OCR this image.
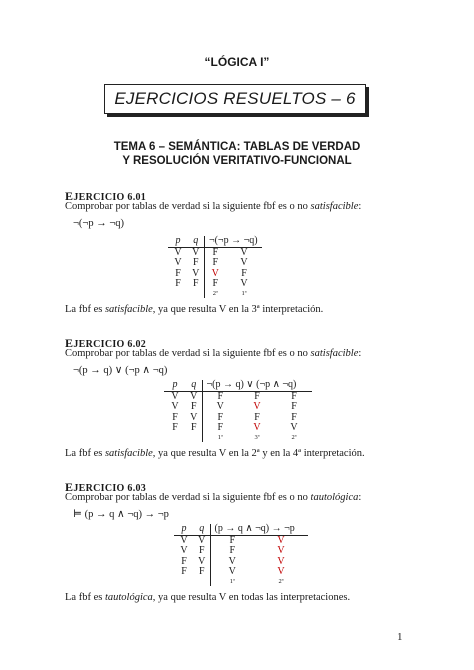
“LÓGICA I”
EJERCICIOS RESUELTOS – 6
TEMA 6 – SEMÁNTICA: TABLAS DE VERDAD
Y RESOLUCIÓN VERITATIVO-FUNCIONAL
EJERCICIO 6.01
Comprobar por tablas de verdad si la siguiente fbf es o no satisfacible:
¬(¬p → ¬q)
p	q	¬(¬p → ¬q)	
V	V	F	V
V	F	F	V
F	V	V	F
F	F	F	V
		2ª	1ª
La fbf es satisfacible, ya que resulta V en la 3ª interpretación.
EJERCICIO 6.02
Comprobar por tablas de verdad si la siguiente fbf es o no satisfacible:
¬(p → q) ∨ (¬p ∧ ¬q)
p	q	¬(p → q) ∨ (¬p ∧ ¬q)		
V	V	F	F	F
V	F	V	V	F
F	V	F	F	F
F	F	F	V	V
		1ª	3ª	2ª
La fbf es satisfacible, ya que resulta V en la 2ª y en la 4ª interpretación.
EJERCICIO 6.03
Comprobar por tablas de verdad si la siguiente fbf es o no tautológica:
⊨ (p → q ∧ ¬q) → ¬p
p	q	(p → q ∧ ¬q) → ¬p	
V	V	F	V
V	F	F	V
F	V	V	V
F	F	V	V
		1ª	2ª
La fbf es tautológica, ya que resulta V en todas las interpretaciones.
1
